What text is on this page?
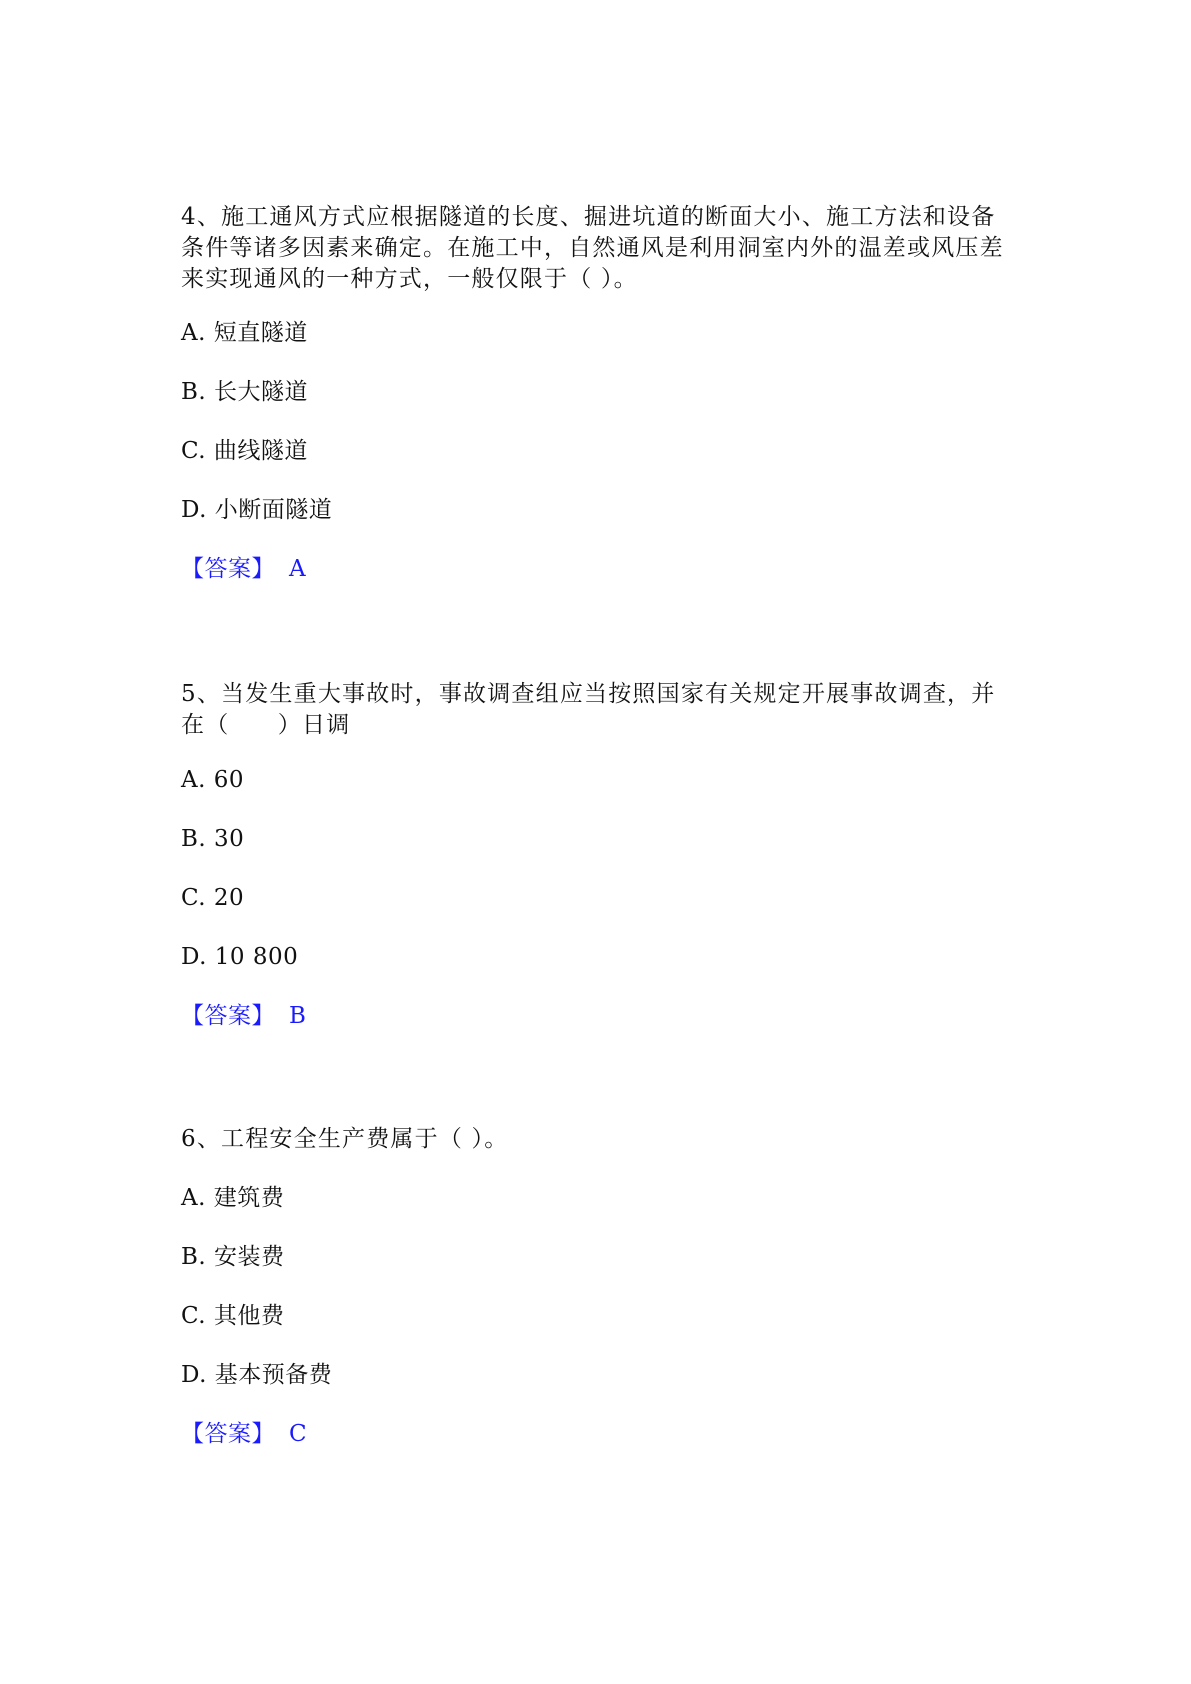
4、施工通风方式应根据隧道的长度、掘进坑道的断面大小、施工方法和设备条件等诸多因素来确定。在施工中，自然通风是利用洞室内外的温差或风压差来实现通风的一种方式，一般仅限于（ ）。

A. 短直隧道

B. 长大隧道

C. 曲线隧道

D. 小断面隧道

【答案】 A

5、当发生重大事故时，事故调查组应当按照国家有关规定开展事故调查，并在（　　）日调

A. 60

B. 30

C. 20

D. 10 800

【答案】 B

6、工程安全生产费属于（ ）。

A. 建筑费

B. 安装费

C. 其他费

D. 基本预备费

【答案】 C
